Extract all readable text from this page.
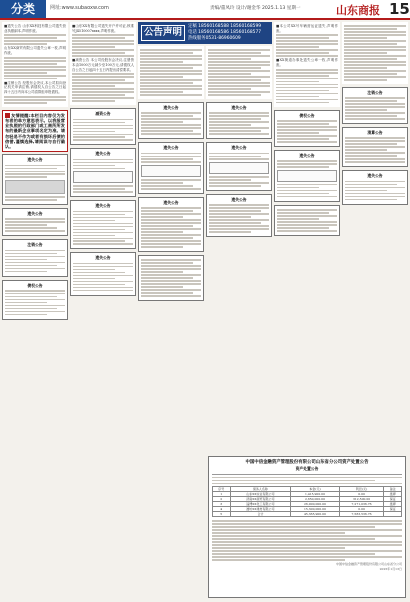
分类	网址:www.subaoxw.com	责编/董凤玲 设计/谢金华 2025.1.13 星期一	山东商报 15
■遗失公告 山东XX科技有限公司遗失营业执照副本,声明作废。
山东XX商贸有限公司遗失公章一枚,声明作废。
■注销公告 经股东会决议,本公司拟向登记机关申请注销,请债权人自公告之日起四十五日内向本公司清算组申报债权。
友情提醒:本栏目内容仅为发布者的单方意思表示。以我报营业执照的行政部门或工商所所发布的最新企业事项名定为准。请勿轻易不作为或者有损坏后债的信誉,谨慎选择,请阅读与自行确认。
遗失公告
遗失公告
注销公告
债权公告
■山东XX有限公司遗失开户许可证,核准号J4510007xxxx,声明作废。
■减资公告 本公司经股东会决议,注册资本由1000万元减少至100万元,请债权人自公告之日起四十五日内提出清偿要求。
减资公告
遗失公告
遗失公告
遗失公告
公告声明
定稿 18560168588 18560168599
电话 18560168586 18560168577
热线服务0531-86960609
遗失公告
遗失公告
遗失公告
遗失公告
遗失公告
遗失公告
■本公司XX号车辆营运证遗失,声明作废。
■XX街道办事处遗失公章一枚,声明作废。
债权公告
遗失公告
注销公告
清算公告
遗失公告
中国中信金融资产管理股份有限公司山东省分公司资产处置公告
资产处置公告
序号	债务人名称	本金(元)	利息(元)	备注
1	山东XX实业有限公司	1,415,900.00	0.00	抵押
2	济南XX商贸有限公司	2,650,000.00	312,500.00	保证
3	淄博XX化工有限公司	26,000,000.00	7,271,036.76	抵押
4	潍坊XX建材有限公司	15,300,000.00	0.00	保证
5	合计	45,365,900.00	7,583,536.76	
中国中信金融资产管理股份有限公司山东省分公司
2025年1月13日
